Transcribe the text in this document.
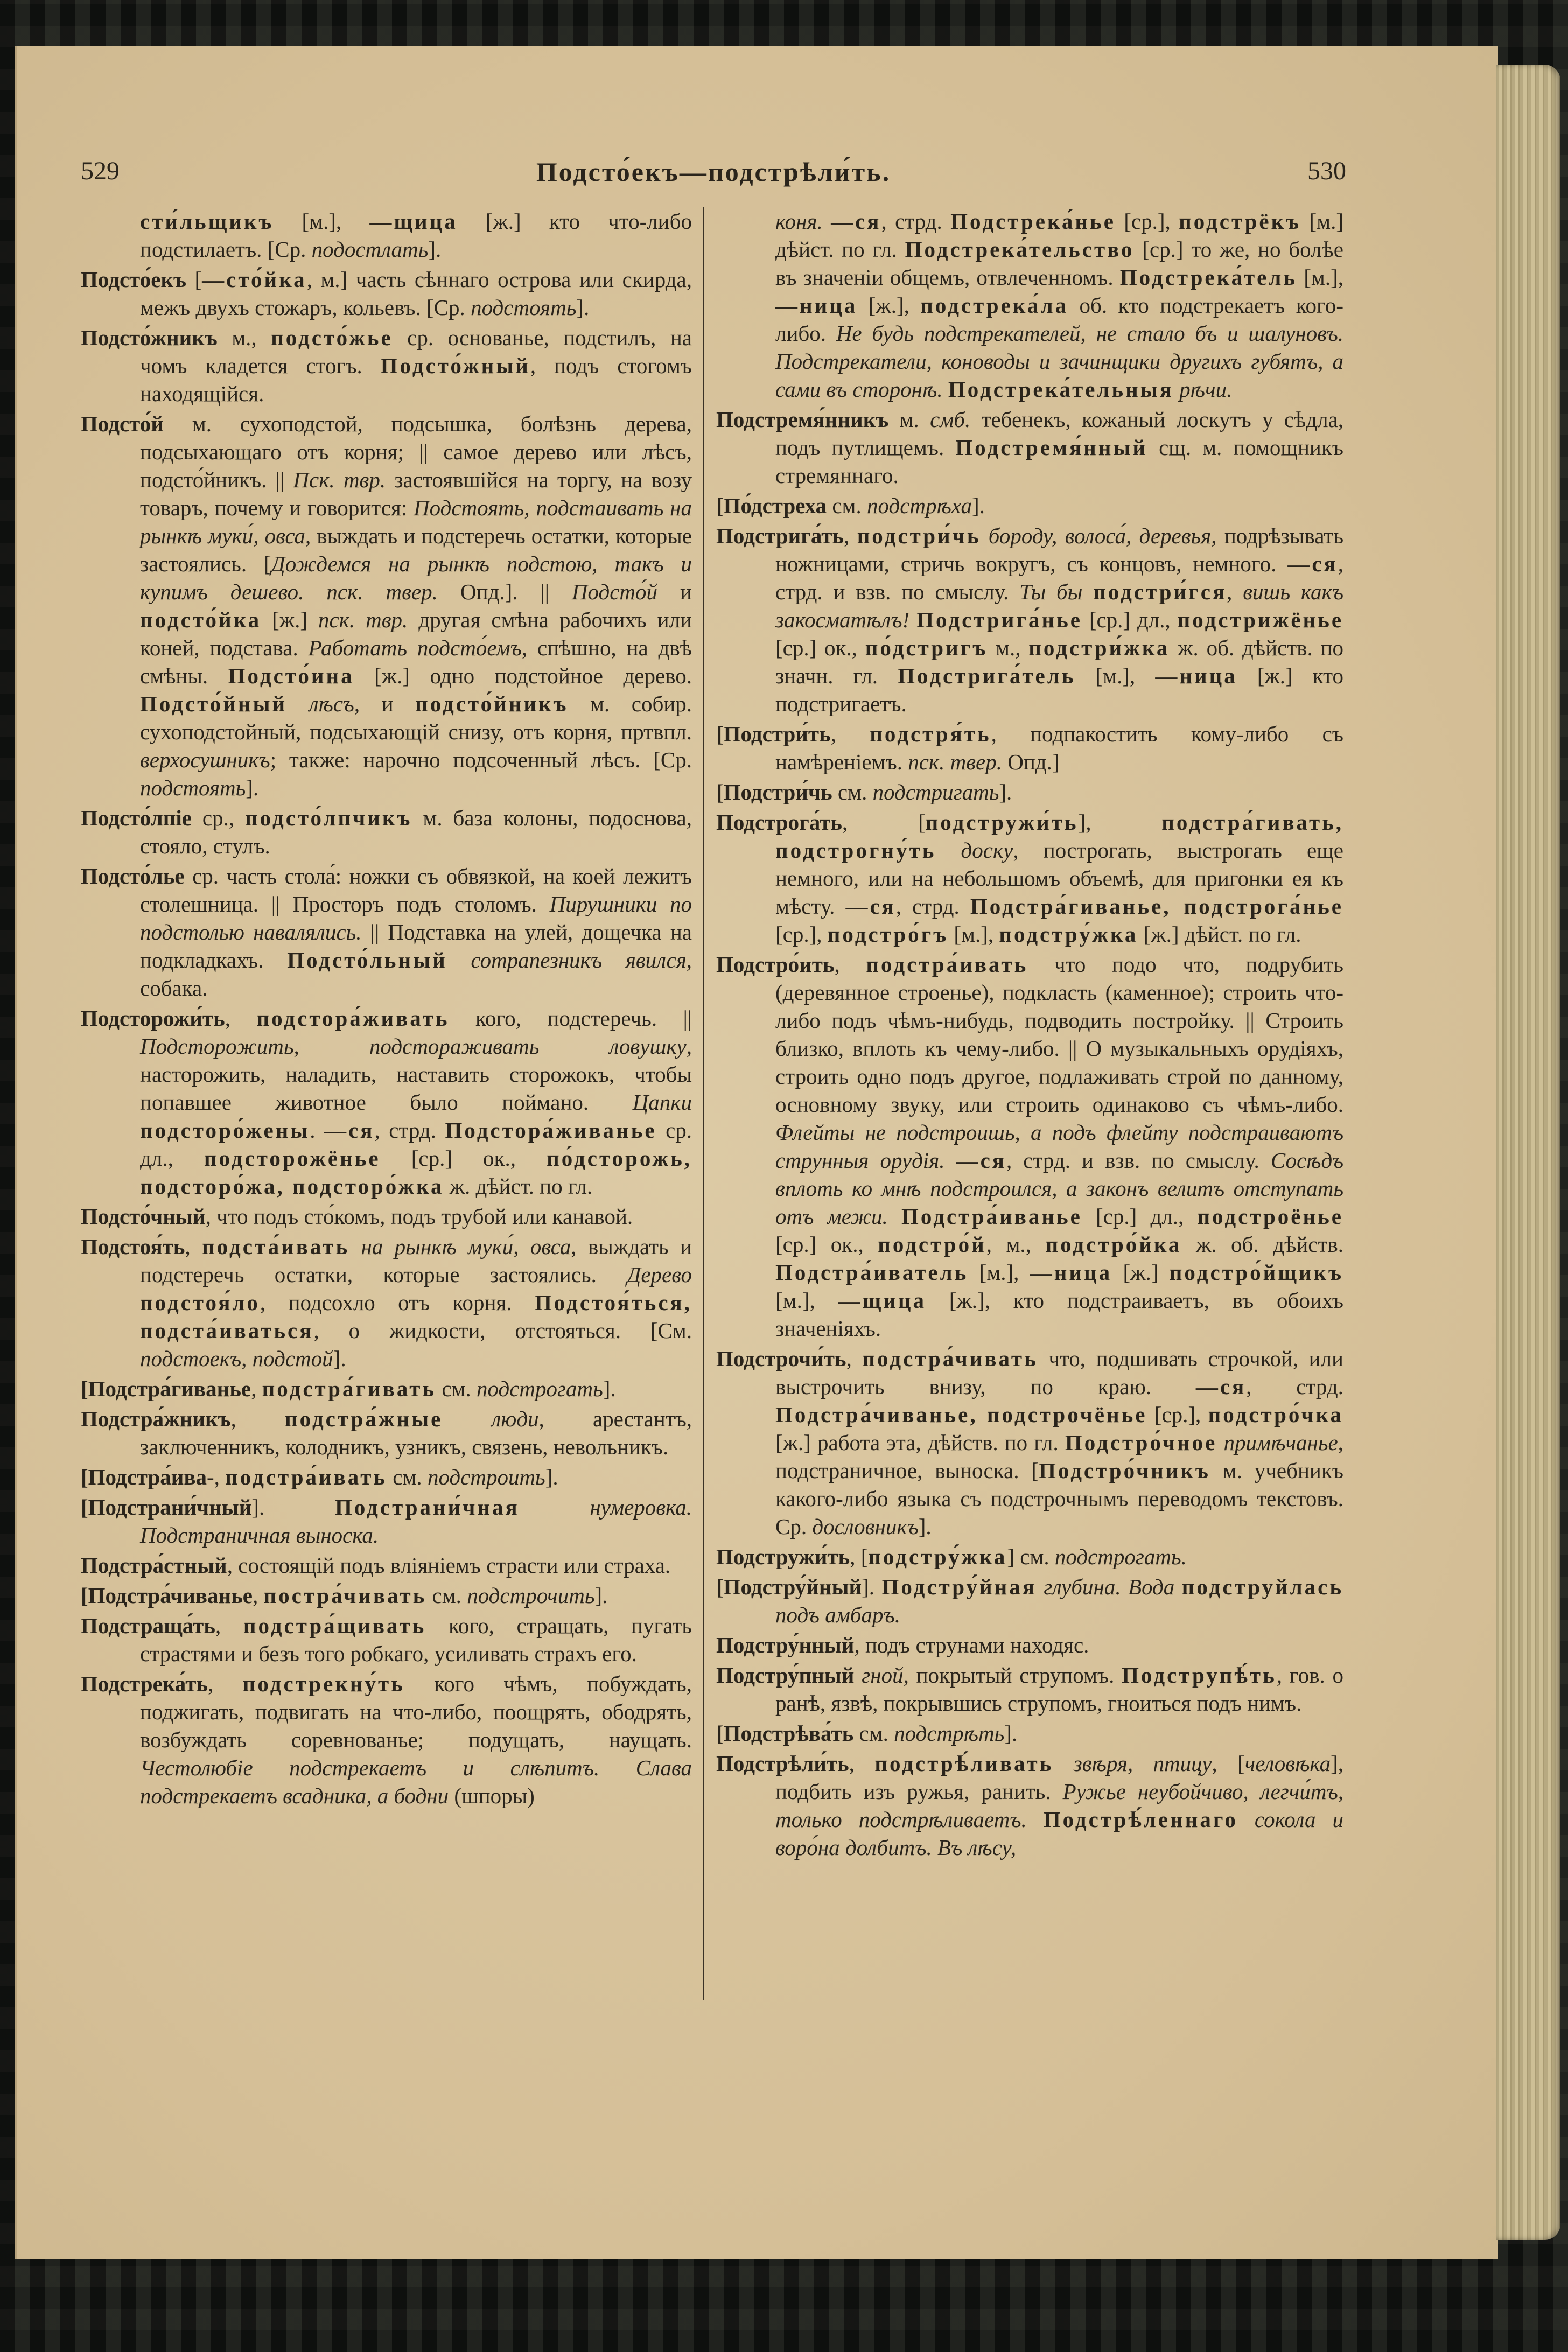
529	Подсто́екъ—подстрѣли́ть.	530

сти́льщикъ [м.], —щица [ж.] кто что-либо подстилаетъ. [Ср. подостлать].

Подсто́екъ [—сто́йка, м.] часть сѣннаго острова или скирда, межъ двухъ стожаръ, кольевъ. [Ср. подстоять].

Подсто́жникъ м., подсто́жье ср. основанье, подстилъ, на чомъ кладется стогъ. Подсто́жный, подъ стогомъ находящійся.

Подсто́й м. сухоподстой, подсышка, болѣзнь дерева, подсыхающаго отъ корня; || самое дерево или лѣсъ, подсто́йникъ. || Пск. твр. застоявшійся на торгу, на возу товаръ, почему и говорится: Подстоять, подстаивать на рынкѣ муки́, овса, выждать и подстеречь остатки, которые застоялись. [Дождемся на рынкѣ подстою, такъ и купимъ дешево. пск. твер. Опд.]. || Подсто́й и подсто́йка [ж.] пск. твр. другая смѣна рабочихъ или коней, подстава. Работать подсто́емъ, спѣшно, на двѣ смѣны. Подсто́ина [ж.] одно подстойное дерево. Подсто́йный лѣсъ, и подсто́йникъ м. собир. сухоподстойный, подсыхающій снизу, отъ корня, пртвпл. верхосушникъ; также: нарочно подсоченный лѣсъ. [Ср. подстоять].

Подсто́лпіе ср., подсто́лпчикъ м. база колоны, подоснова, стояло, стулъ.

Подсто́лье ср. часть стола́: ножки съ обвязкой, на коей лежитъ столешница. || Просторъ подъ столомъ. Пирушники по подстолью навалялись. || Подставка на улей, дощечка на подкладкахъ. Подсто́льный сотрапезникъ явился, собака.

Подсторожи́ть, подстора́живать кого, подстеречь. || Подсторожить, подстораживать ловушку, насторожить, наладить, наставить сторожокъ, чтобы попавшее животное было поймано. Цапки подсторо́жены. —ся, стрд. Подстора́живанье ср. дл., подсторожёнье [ср.] ок., по́дсторожь, подсторо́жа, подсторо́жка ж. дѣйст. по гл.

Подсто́чный, что подъ сто́комъ, подъ трубой или канавой.

Подстоя́ть, подста́ивать на рынкѣ муки́, овса, выждать и подстеречь остатки, которые застоялись. Дерево подстоя́ло, подсохло отъ корня. Подстоя́ться, подста́иваться, о жидкости, отстояться. [См. подстоекъ, подстой].

[Подстра́гиванье, подстра́гивать см. подстрогать].

Подстра́жникъ, подстра́жные люди, арестантъ, заключенникъ, колодникъ, узникъ, связень, невольникъ.

[Подстра́ива-, подстра́ивать см. подстроить].

[Подстрани́чный]. Подстрани́чная	нумеровка. Подстраничная выноска.

Подстра́стный, состоящій подъ вліяніемъ страсти или страха.

[Подстра́чиванье, постра́чивать см. подстрочить].

Подстраща́ть, подстра́щивать кого, стращать, пугать страстями и безъ того робкаго, усиливать страхъ его.

Подстрека́ть, подстрекну́ть кого чѣмъ, побуждать, поджигать, подвигать на что-либо, поощрять, ободрять, возбуждать соревнованье; подущать, наущать. Честолюбіе подстрекаетъ и слѣпитъ. Слава подстрекаетъ всадника, а бодни (шпоры)

коня. —ся, стрд. Подстрека́нье [ср.], подстрёкъ [м.] дѣйст. по гл. Подстрека́тельство [ср.] то же, но болѣе въ значеніи общемъ, отвлеченномъ. Подстрека́тель [м.], —ница [ж.], подстрека́ла об. кто подстрекаетъ кого-либо. Не будь подстрекателей, не стало бъ и шалуновъ. Подстрекатели, коноводы и зачинщики другихъ губятъ, а сами въ сторонѣ. Подстрека́тельныя рѣчи.

Подстремя́нникъ м. смб. тебенекъ, кожаный лоскутъ у сѣдла, подъ путлищемъ. Подстремя́нный сщ. м. помощникъ стремяннаго.

[По́дстреха см. подстрѣха].

Подстрига́ть, подстри́чь бороду, волоса́, деревья, подрѣзывать ножницами, стричь вокругъ, съ концовъ, немного. —ся, стрд. и взв. по смыслу. Ты бы подстри́гся, вишь какъ закосматѣлъ! Подстрига́нье [ср.] дл., подстрижёнье [ср.] ок., по́дстригъ м., подстри́жка ж. об. дѣйств. по значн. гл. Подстрига́тель [м.], —ница [ж.] кто подстригаетъ.

[Подстри́ть, подстря́ть, подпакостить кому-либо съ намѣреніемъ. пск. твер. Опд.]

[Подстри́чь см. подстригать].

Подстрога́ть, [подстружи́ть], подстра́гивать, подстрогну́ть доску, построгать, выстрогать еще немного, или на небольшомъ объемѣ, для пригонки ея къ мѣсту. —ся, стрд. Подстра́гиванье, подстрога́нье [ср.], подстро́гъ [м.], подстру́жка [ж.] дѣйст. по гл.

Подстро́ить, подстра́ивать что подо что, подрубить (деревянное строенье), подкласть (каменное); строить что-либо подъ чѣмъ-нибудь, подводить постройку. || Строить близко, вплоть къ чему-либо. || О музыкальныхъ орудіяхъ, строить одно подъ другое, подлаживать строй по данному, основному звуку, или строить одинаково съ чѣмъ-либо. Флейты не подстроишь, а подъ флейту подстраиваютъ струнныя орудія. —ся, стрд. и взв. по смыслу. Сосѣдъ вплоть ко мнѣ подстроился, а законъ велитъ отступать отъ межи. Подстра́иванье [ср.] дл., подстроёнье [ср.] ок., подстро́й, м., подстро́йка ж. об. дѣйств. Подстра́иватель [м.], —ница [ж.] подстро́йщикъ [м.], —щица [ж.], кто подстраиваетъ, въ обоихъ значеніяхъ.

Подстрочи́ть, подстра́чивать что, подшивать строчкой, или выстрочить внизу, по краю. —ся, стрд. Подстра́чиванье, подстрочёнье [ср.], подстро́чка [ж.] работа эта, дѣйств. по гл. Подстро́чное примѣчанье, подстраничное, выноска. [Подстро́чникъ м. учебникъ какого-либо языка съ подстрочнымъ переводомъ текстовъ. Ср. дословникъ].

Подстружи́ть, [подстру́жка] см. подстрогать.

[Подстру́йный]. Подстру́йная глубина. Вода подструйлась подъ амбаръ.

Подстру́нный, подъ струнами находяс.

Подстру́пный гной, покрытый струпомъ. Подструпѣ́ть, гов. о ранѣ, язвѣ, покрывшись струпомъ, гноиться подъ нимъ.

[Подстрѣва́ть см. подстрѣть].

Подстрѣли́ть, подстрѣ́ливать звѣря, птицу, [человѣка], подбить изъ ружья, ранить. Ружье неубойчиво, легчи́тъ, только подстрѣливаетъ. Подстрѣ́леннаго сокола и воро́на долбитъ. Въ лѣсу,
